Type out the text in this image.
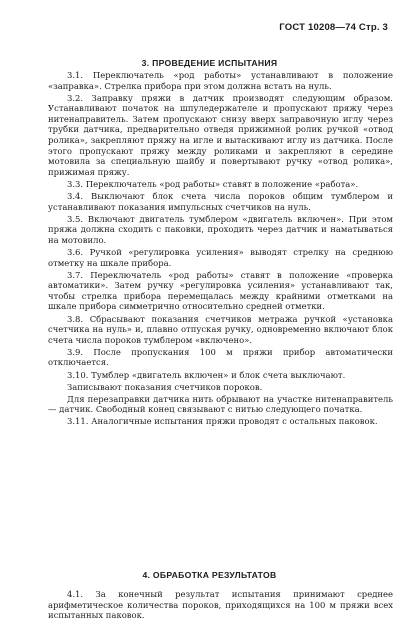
ГОСТ 10208—74 Стр. 3
3. ПРОВЕДЕНИЕ ИСПЫТАНИЯ

3.1. Переключатель «род работы» устанавливают в положение «заправка». Стрелка прибора при этом должна встать на нуль.

3.2. Заправку пряжи в датчик производят следующим образом. Устанавливают початок на шпуледержателе и пропускают пряжу через нитенаправитель. Затем пропускают снизу вверх заправочную иглу через трубки датчика, предварительно отведя прижимной ролик ручкой «отвод ролика», закрепляют пряжу на игле и вытаскивают иглу из датчика. После этого пропускают пряжу между роликами и закрепляют в середине мотовила за специальную шайбу и повертывают ручку «отвод ролика», прижимая пряжу.

3.3. Переключатель «род работы» ставят в положение «работа».

3.4. Выключают блок счета числа пороков общим тумблером и устанавливают показания импульсных счетчиков на нуль.

3.5. Включают двигатель тумблером «двигатель включен». При этом пряжа должна сходить с паковки, проходить через датчик и наматываться на мотовило.

3.6. Ручкой «регулировка усиления» выводят стрелку на среднюю отметку на шкале прибора.

3.7. Переключатель «род работы» ставят в положение «проверка автоматики». Затем ручку «регулировка усиления» устанавливают так, чтобы стрелка прибора перемещалась между крайними отметками на шкале прибора симметрично относительно средней отметки.

3.8. Сбрасывают показания счетчиков метража ручкой «установка счетчика на нуль» и, плавно отпуская ручку, одновременно включают блок счета числа пороков тумблером «включено».

3.9. После пропускания 100 м пряжи прибор автоматически отключается.

3.10. Тумблер «двигатель включен» и блок счета выключают.

Записывают показания счетчиков пороков.

Для перезаправки датчика нить обрывают на участке нитенаправитель — датчик. Свободный конец связывают с нитью следующего початка.

3.11. Аналогичные испытания пряжи проводят с остальных паковок.

4. ОБРАБОТКА РЕЗУЛЬТАТОВ

4.1. За конечный результат испытания принимают среднее арифметическое количества пороков, приходящихся на 100 м пряжи всех испытанных паковок.
